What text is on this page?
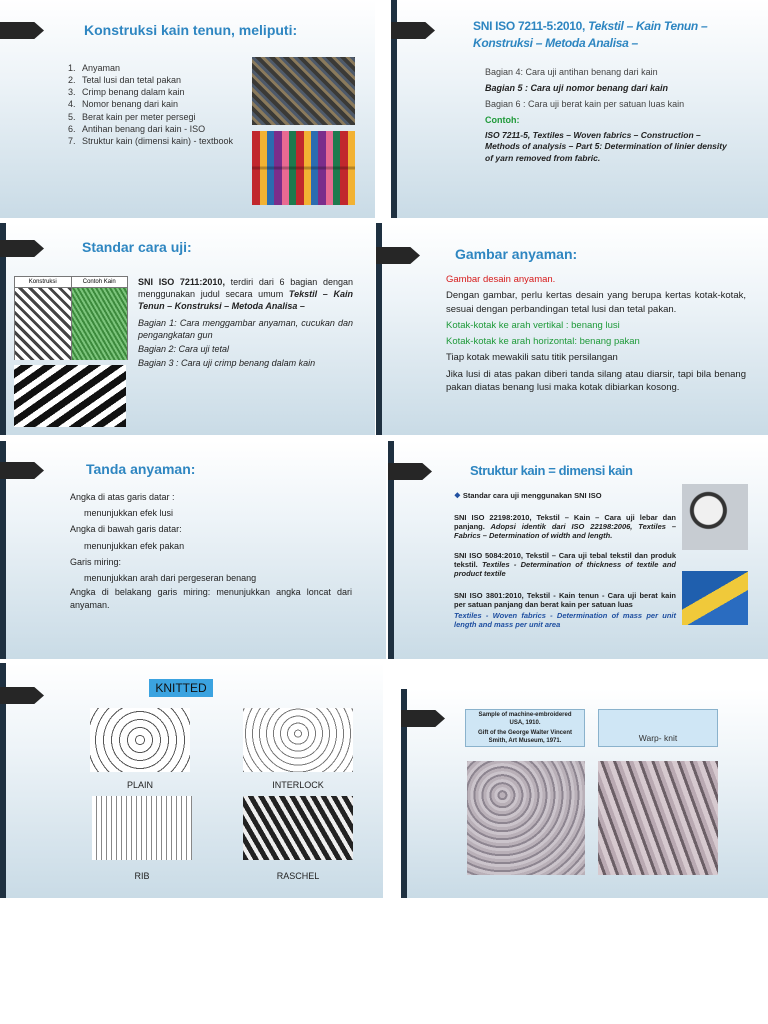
Konstruksi kain tenun, meliputi:
1. Anyaman
2. Tetal lusi dan tetal pakan
3. Crimp benang dalam kain
4. Nomor benang dari kain
5. Berat kain per meter persegi
6. Antihan benang dari kain - ISO
7. Struktur kain (dimensi kain) - textbook
SNI ISO 7211-5:2010, Tekstil – Kain Tenun – Konstruksi – Metoda Analisa –
Bagian 4: Cara uji antihan benang dari kain
Bagian 5 : Cara uji nomor benang dari kain
Bagian 6 : Cara uji berat kain per satuan luas kain
Contoh:
ISO 7211-5, Textiles – Woven fabrics – Construction – Methods of analysis – Part 5: Determination of linier density of yarn removed from fabric.
Standar cara uji:
Konstruksi	Contoh Kain	SNI ISO 7211:2010, terdiri dari 6 bagian dengan menggunakan judul secara umum Tekstil – Kain Tenun – Konstruksi – Metoda Analisa –
Bagian 1: Cara menggambar anyaman, cucukan dan pengangkatan gun
Bagian 2: Cara uji tetal
Bagian 3 : Cara uji crimp benang dalam kain
Gambar anyaman:
Gambar desain anyaman.
Dengan gambar, perlu kertas desain yang berupa kertas kotak-kotak, sesuai dengan perbandingan tetal lusi dan tetal pakan.
Kotak-kotak ke arah vertikal : benang lusi
Kotak-kotak ke arah horizontal: benang pakan
Tiap kotak mewakili satu titik persilangan
Jika lusi di atas pakan diberi tanda silang atau diarsir, tapi bila benang pakan diatas benang lusi maka kotak dibiarkan kosong.
Tanda anyaman:
Angka di atas garis datar :
menunjukkan efek lusi
Angka di bawah garis datar:
menunjukkan efek pakan
Garis miring:
menunjukkan arah dari pergeseran benang
Angka di belakang garis miring: menunjukkan angka loncat dari anyaman.
Struktur kain = dimensi kain
❖ Standar cara uji menggunakan SNI ISO
SNI ISO 22198:2010, Tekstil – Kain – Cara uji lebar dan panjang. Adopsi identik dari ISO 22198:2006, Textiles – Fabrics – Determination of width and length.
SNI ISO 5084:2010, Tekstil – Cara uji tebal tekstil dan produk tekstil. Textiles - Determination of thickness of textile and product textile
SNI ISO 3801:2010, Tekstil - Kain tenun - Cara uji berat kain per satuan panjang dan berat kain per satuan luas
Textiles - Woven fabrics - Determination of mass per unit length and mass per unit area
KNITTED
PLAIN	INTERLOCK
RIB	RASCHEL
Sample of machine-embroidered USA, 1910.
Gift of the George Walter Vincent Smith, Art Museum, 1971.	Warp- knit
